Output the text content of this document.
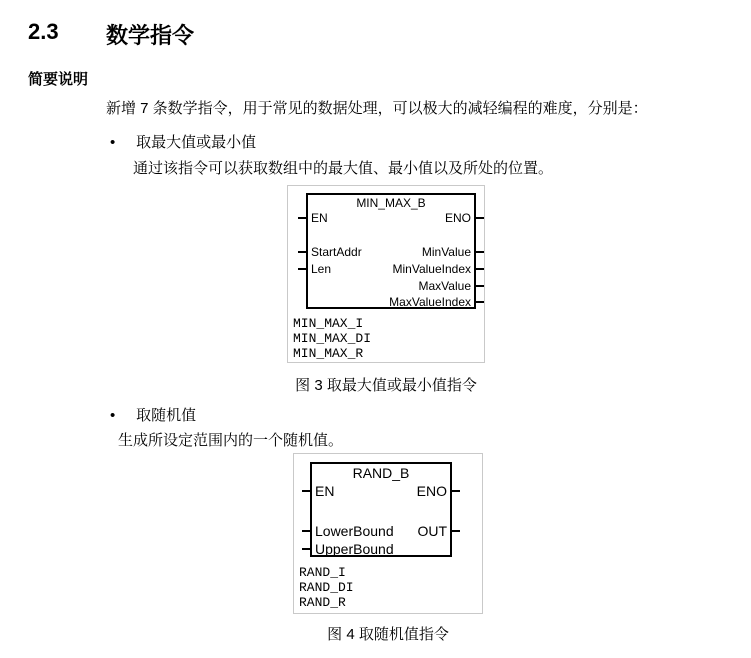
2.3 数学指令
简要说明

新增 7 条数学指令，用于常见的数据处理，可以极大的减轻编程的难度，分别是：

• 取最大值或最小值

通过该指令可以获取数组中的最大值、最小值以及所处的位置。

MIN_MAX_B
EN
StartAddr
Len
ENO
MinValue
MinValueIndex
MaxValue
MaxValueIndex
MIN_MAX_I
MIN_MAX_DI
MIN_MAX_R
图 3 取最大值或最小值指令
• 取随机值

生成所设定范围内的一个随机值。

RAND_B
EN
LowerBound
UpperBound
ENO
OUT
RAND_I
RAND_DI
RAND_R
图 4 取随机值指令
